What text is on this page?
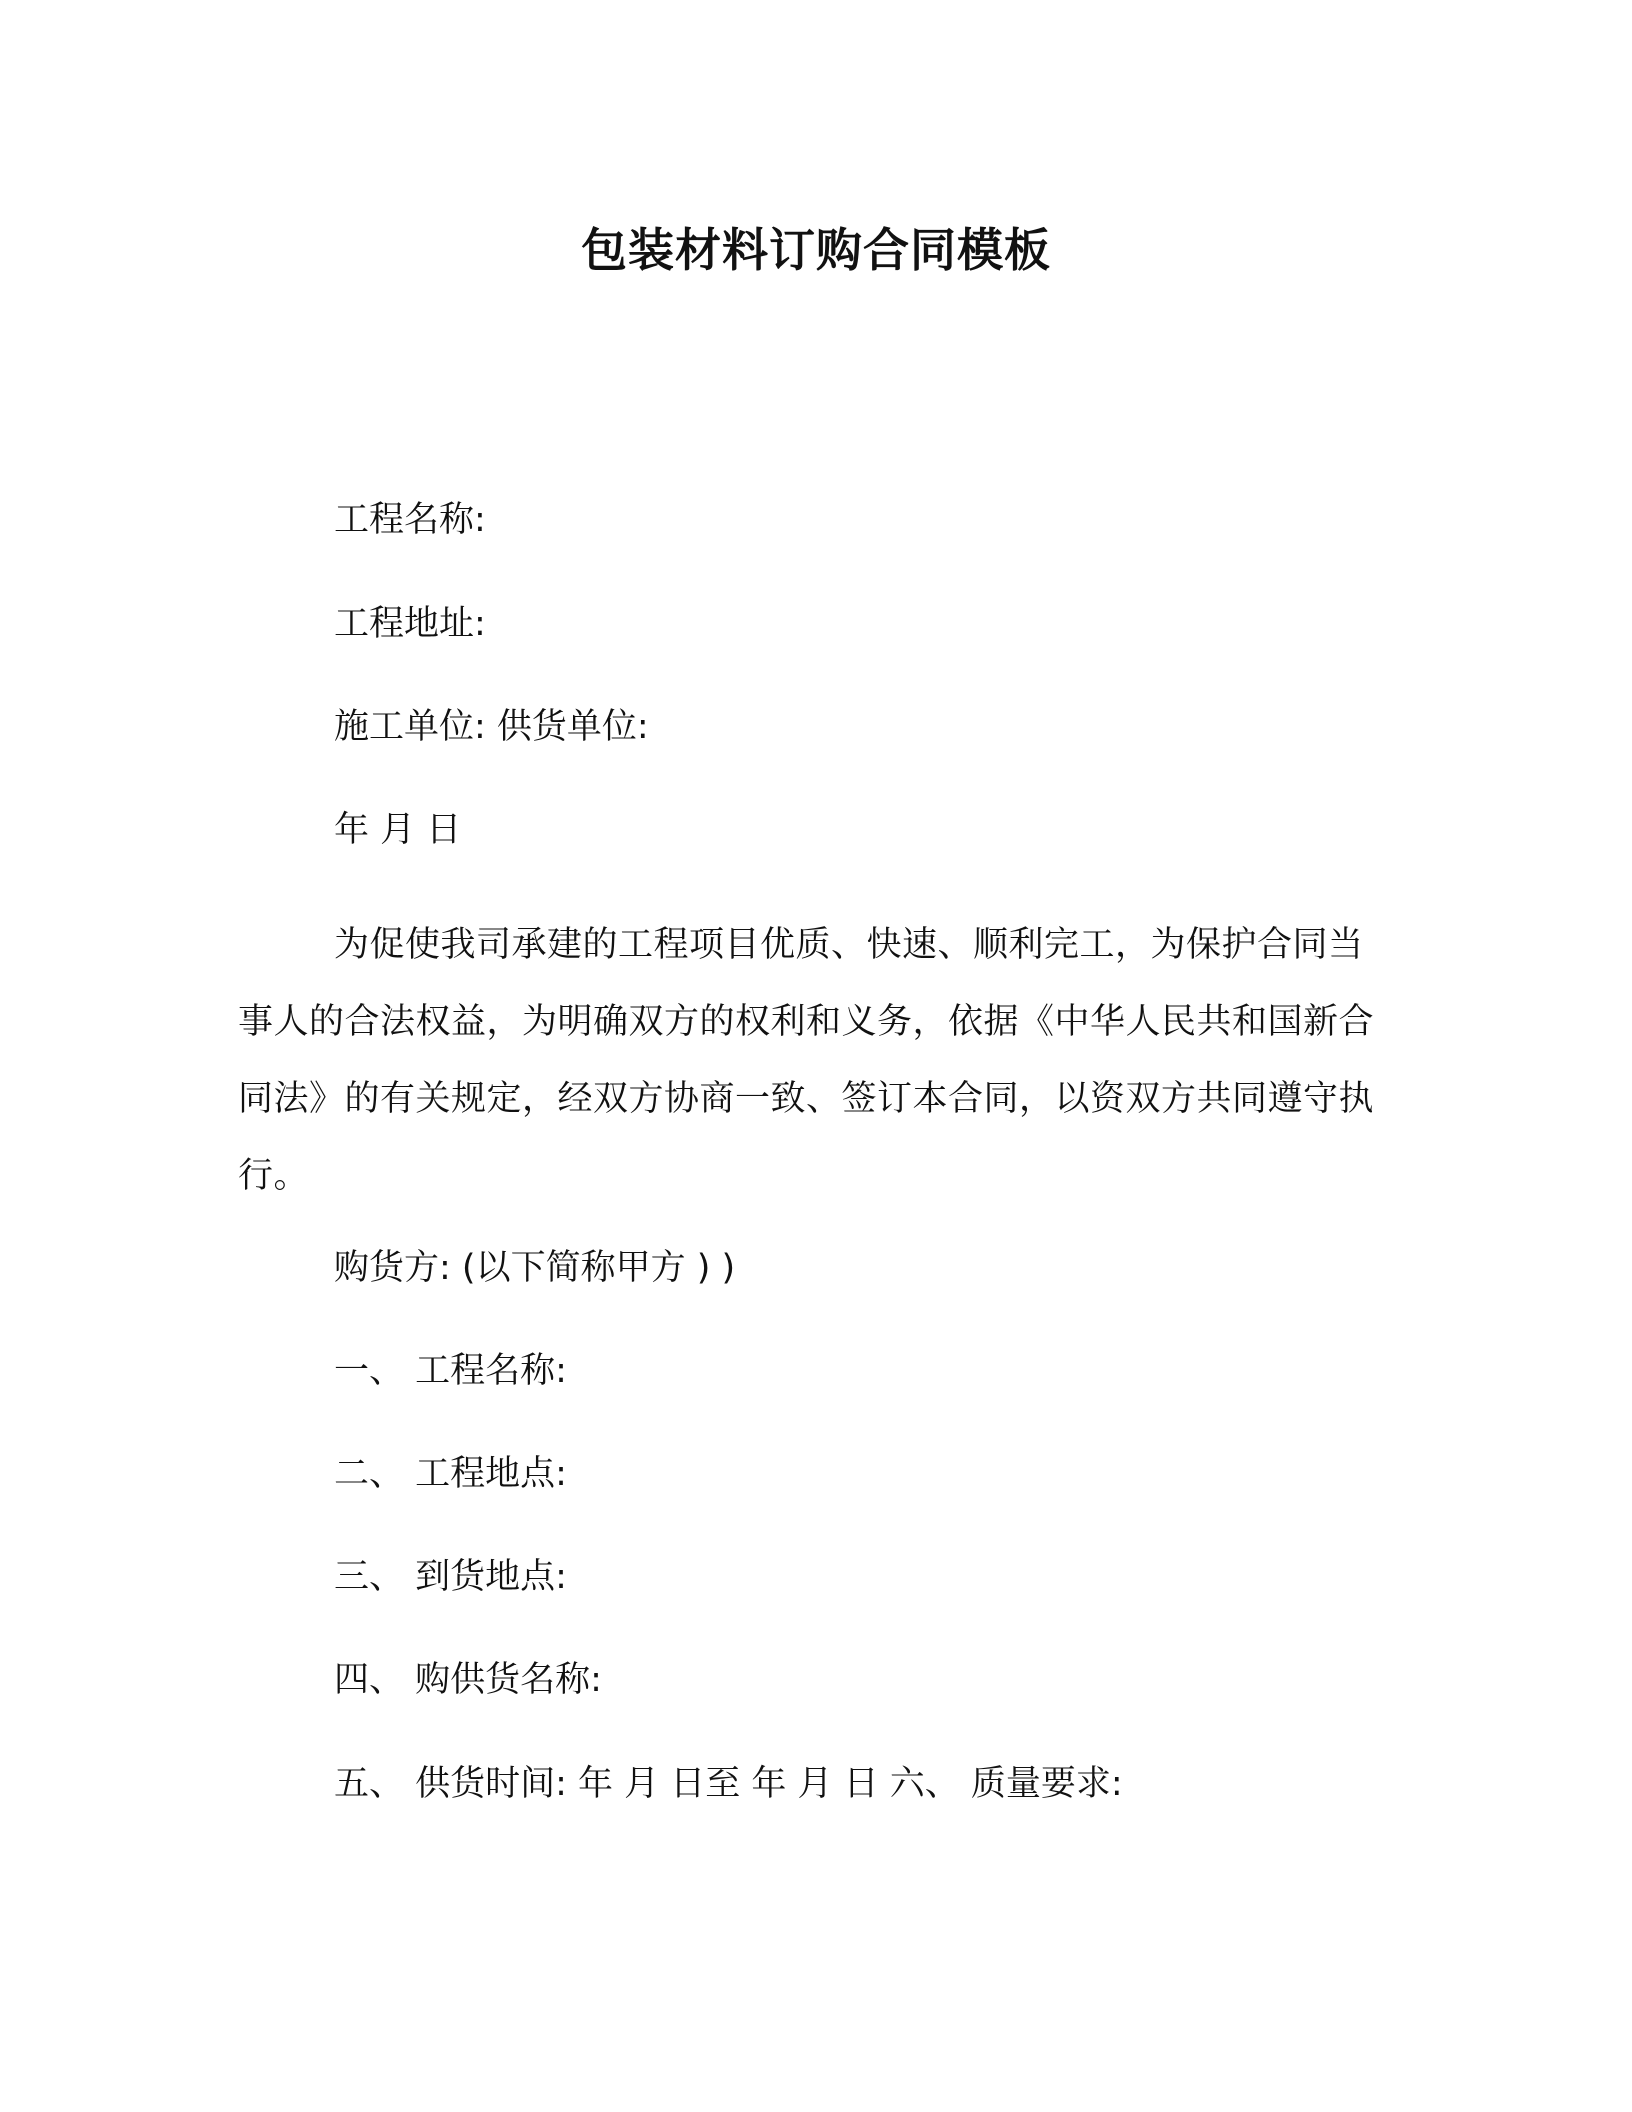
包装材料订购合同模板
工程名称:
工程地址:
施工单位: 供货单位:
年 月 日
为促使我司承建的工程项目优质、快速、顺利完工，为保护合同当事人的合法权益，为明确双方的权利和义务，依据《中华人民共和国新合同法》的有关规定，经双方协商一致、签订本合同，以资双方共同遵守执行。
购货方: (以下简称甲方 ) )
一、 工程名称:
二、 工程地点:
三、 到货地点:
四、 购供货名称:
五、 供货时间: 年 月 日至 年 月 日 六、 质量要求:
